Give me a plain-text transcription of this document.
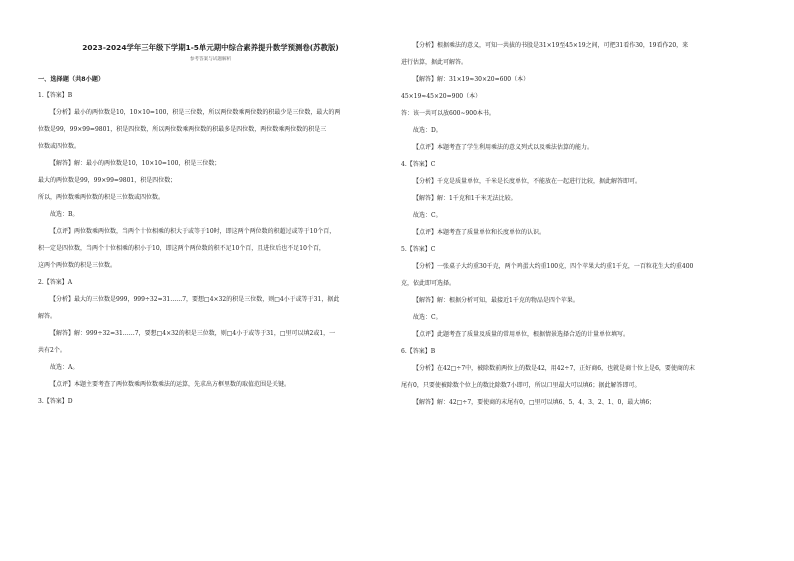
2023-2024学年三年级下学期1-5单元期中综合素养提升数学预测卷(苏教版)
参考答案与试题解析
一、选择题（共8小题）
1.【答案】B
【分析】最小的两位数是10，10×10=100，积是三位数，所以两位数乘两位数的积最少是三位数，最大的两
位数是99，99×99=9801，积是四位数，所以两位数乘两位数的积最多是四位数，两位数乘两位数的积是三
位数或四位数。
【解答】解：最小的两位数是10，10×10=100，积是三位数；
最大的两位数是99，99×99=9801，积是四位数；
所以，两位数乘两位数的积是三位数或四位数。
故选：B。
【点评】两位数乘两位数，当两个十位相乘的积大于或等于10时，即这两个两位数的积超过或等于10个百，
积一定是四位数，当两个十位相乘的积小于10，即这两个两位数的积不足10个百，且进位后也不足10个百，
这两个两位数的积是三位数。
2.【答案】A
【分析】最大的三位数是999，999÷32=31……7，要想□4×32的积是三位数，则□4小于或等于31，据此
解答。
【解答】解：999÷32=31……7，要想□4×32的积是三位数，则□4小于或等于31，□里可以填2或1，一
共有2个。
故选：A。
【点评】本题主要考查了两位数乘两位数乘法的运算，先求出方框里数的取值范围是关键。
3.【答案】D
【分析】根据乘法的意义，可知一共拔的书股是31×19至45×19之间，可把31看作30，19看作20，来
进行估算，据此可解答。
【解答】解：31×19≈30×20=600（本）
45×19≈45×20=900（本）
答：该一共可以放600~900本书。
故选：D。
【点评】本题考查了学生利用乘法的意义列式以及乘法估算的能力。
4.【答案】C
【分析】千克是质量单位，千米是长度单位，不能放在一起进行比较，据此解答即可。
【解答】解：1千克和1千米无法比较。
故选：C。
【点评】本题考查了质量单位和长度单位的认识。
5.【答案】C
【分析】一张桌子大约重30千克，两个鸡蛋大约重100克，四个苹果大约重1千克，一百粒花生大约重400
克，依此即可选择。
【解答】解：根据分析可知，最接近1千克的物品是四个苹果。
故选：C。
【点评】此题考查了质量及质量的常用单位，根据情景选择合适的计量单位填写。
6.【答案】B
【分析】在42□÷7中，被除数前两位上的数是42，用42÷7，正好商6，也就是商十位上是6，要使商的末
尾有0，只要使被除数个位上的数比除数7小即可，所以口里最大可以填6；据此解答即可。
【解答】解：42□÷7，要使商的末尾有0，□里可以填6、5、4、3、2、1、0，最大填6；
